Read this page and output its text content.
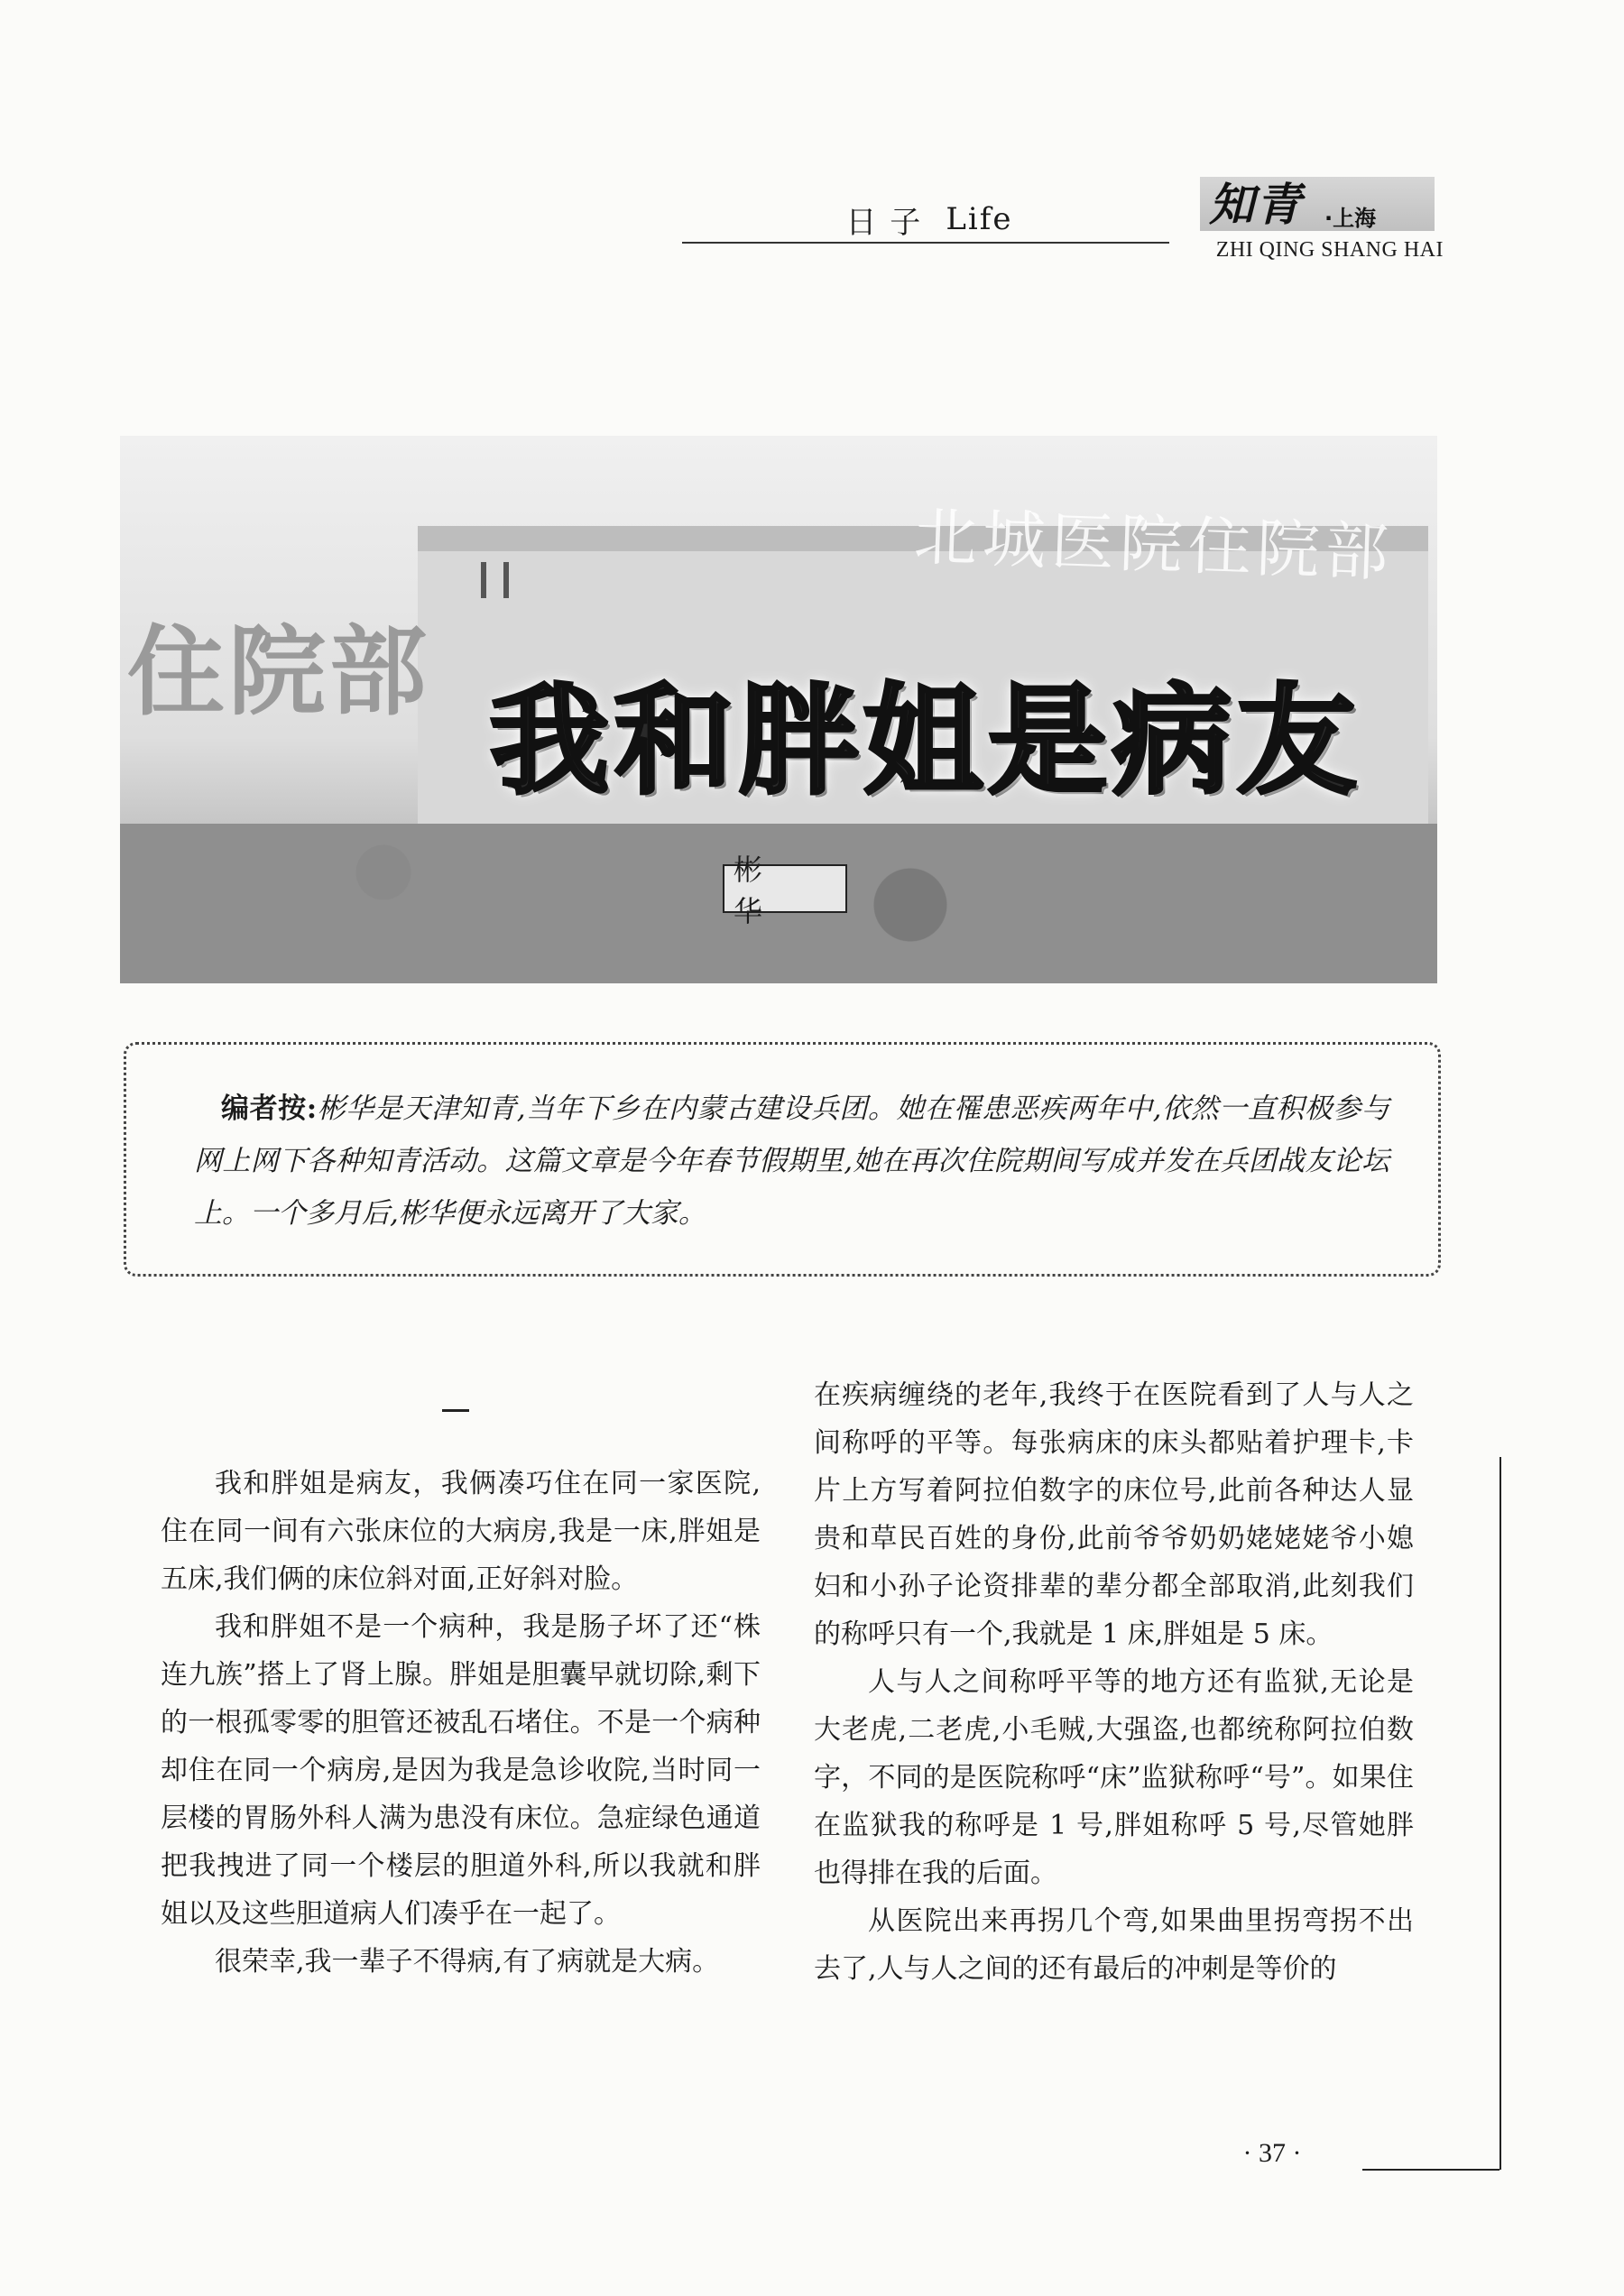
日 子 Life	知青	·上海
ZHI QING SHANG HAI
住院部
北城医院住院部
我和胖姐是病友
彬 华

编者按:彬华是天津知青,当年下乡在内蒙古建设兵团。她在罹患恶疾两年中,依然一直积极参与网上网下各种知青活动。这篇文章是今年春节假期里,她在再次住院期间写成并发在兵团战友论坛上。一个多月后,彬华便永远离开了大家。

我和胖姐是病友，我俩凑巧住在同一家医院,住在同一间有六张床位的大病房,我是一床,胖姐是五床,我们俩的床位斜对面,正好斜对脸。

我和胖姐不是一个病种，我是肠子坏了还“株连九族”搭上了肾上腺。胖姐是胆囊早就切除,剩下的一根孤零零的胆管还被乱石堵住。不是一个病种却住在同一个病房,是因为我是急诊收院,当时同一层楼的胃肠外科人满为患没有床位。急症绿色通道把我拽进了同一个楼层的胆道外科,所以我就和胖姐以及这些胆道病人们凑乎在一起了。

很荣幸,我一辈子不得病,有了病就是大病。

在疾病缠绕的老年,我终于在医院看到了人与人之间称呼的平等。每张病床的床头都贴着护理卡,卡片上方写着阿拉伯数字的床位号,此前各种达人显贵和草民百姓的身份,此前爷爷奶奶姥姥姥爷小媳妇和小孙子论资排辈的辈分都全部取消,此刻我们的称呼只有一个,我就是 1 床,胖姐是 5 床。

人与人之间称呼平等的地方还有监狱,无论是大老虎,二老虎,小毛贼,大强盗,也都统称阿拉伯数字，不同的是医院称呼“床”监狱称呼“号”。如果住在监狱我的称呼是 1 号,胖姐称呼 5 号,尽管她胖也得排在我的后面。

从医院出来再拐几个弯,如果曲里拐弯拐不出去了,人与人之间的还有最后的冲刺是等价的

· 37 ·
